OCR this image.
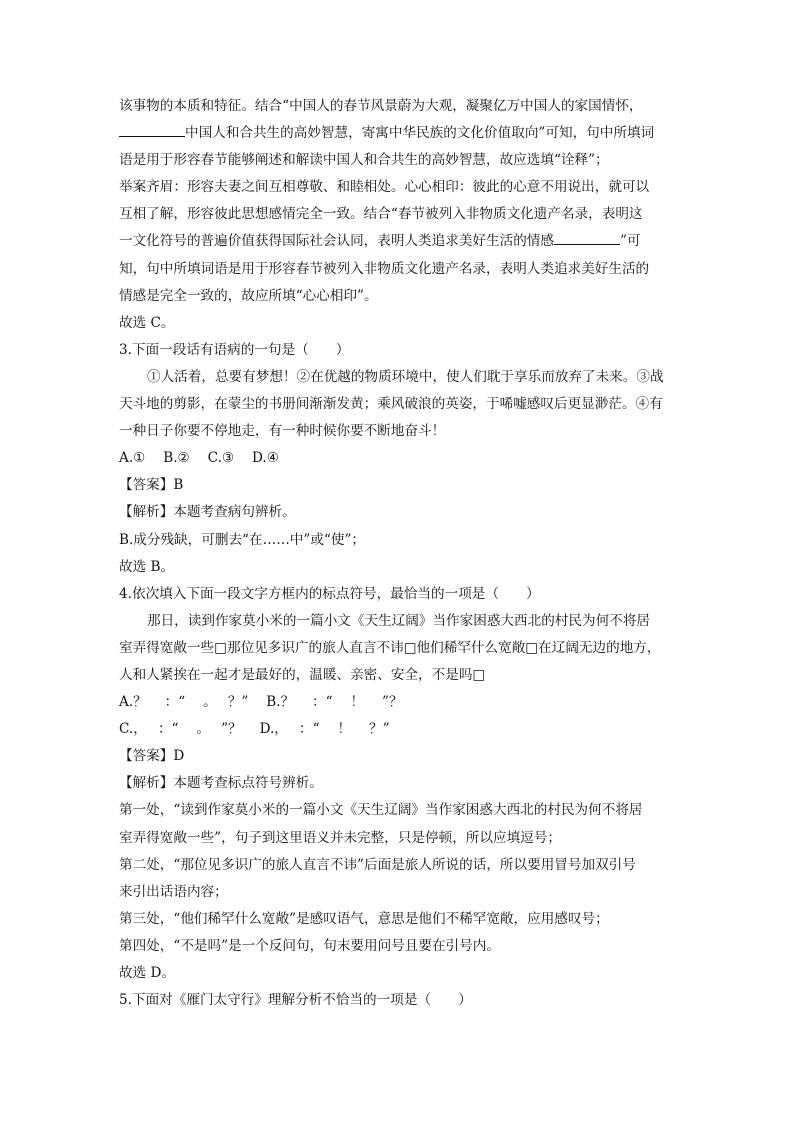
该事物的本质和特征。结合“中国人的春节风景蔚为大观，凝聚亿万中国人的家国情怀，
中国人和合共生的高妙智慧，寄寓中华民族的文化价值取向”可知，句中所填词
语是用于形容春节能够阐述和解读中国人和合共生的高妙智慧，故应选填“诠释”；
举案齐眉：形容夫妻之间互相尊敬、和睦相处。心心相印：彼此的心意不用说出，就可以
互相了解，形容彼此思想感情完全一致。结合“春节被列入非物质文化遗产名录，表明这
一文化符号的普遍价值获得国际社会认同，表明人类追求美好生活的情感	”可
知，句中所填词语是用于形容春节被列入非物质文化遗产名录，表明人类追求美好生活的
情感是完全一致的，故应所填“心心相印”。
故选 C。
3.下面一段话有语病的一句是（　　）
①人活着，总要有梦想！②在优越的物质环境中，使人们耽于享乐而放弃了未来。③战
天斗地的剪影，在蒙尘的书册间渐渐发黄；乘风破浪的英姿，于唏嘘感叹后更显渺茫。④有
一种日子你要不停地走，有一种时候你要不断地奋斗！
A.①　 B.②　 C.③　 D.④
【答案】B
【解析】本题考查病句辨析。
B.成分残缺，可删去“在……中”或“使”；
故选 B。
4.依次填入下面一段文字方框内的标点符号，最恰当的一项是（　　）
那日，读到作家莫小米的一篇小文《天生辽阔》当作家困惑大西北的村民为何不将居
室弄得宽敞一些□那位见多识广的旅人直言不讳□他们稀罕什么宽敞□在辽阔无边的地方，
人和人紧挨在一起才是最好的，温暖、亲密、安全，不是吗□
A.？　 ：“　 。　 ？”　 B.？　 ：“　 ！　 ”？
C.，　 ：“　 。　 ”？　 D.，　 ：“　 ！　 ？”
【答案】D
【解析】本题考查标点符号辨析。
第一处，“读到作家莫小米的一篇小文《天生辽阔》当作家困惑大西北的村民为何不将居
室弄得宽敞一些”，句子到这里语义并未完整，只是停顿，所以应填逗号；
第二处，“那位见多识广的旅人直言不讳”后面是旅人所说的话，所以要用冒号加双引号
来引出话语内容；
第三处，“他们稀罕什么宽敞”是感叹语气，意思是他们不稀罕宽敞，应用感叹号；
第四处，“不是吗”是一个反问句，句末要用问号且要在引号内。
故选 D。
5.下面对《雁门太守行》理解分析不恰当的一项是（　　）
